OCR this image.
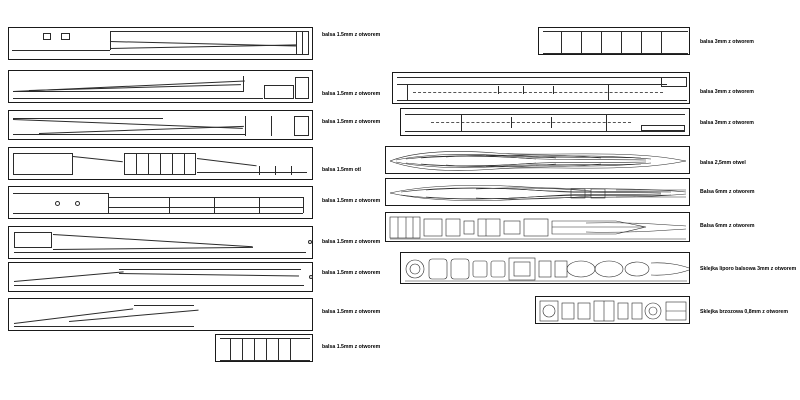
balsa 1.5mm z otworem
balsa 1.5mm z otworem
balsa 1.5mm z otworem
balsa 1.5mm otl
balsa 1.5mm z otworem
balsa 1.5mm z otworem
balsa 1.5mm z otworem
balsa 1.5mm z otworem
balsa 1.5mm z otworem
balsa 3mm z otworem
balsa 3mm z otworem
balsa 3mm z otworem
balsa 2,5mm otwel
Balsa 6mm z otworem
Balsa 6mm z otworem
Sklejka liporo balsowa 3mm z otworem
Sklejka brzozowa 0,8mm z otworem
